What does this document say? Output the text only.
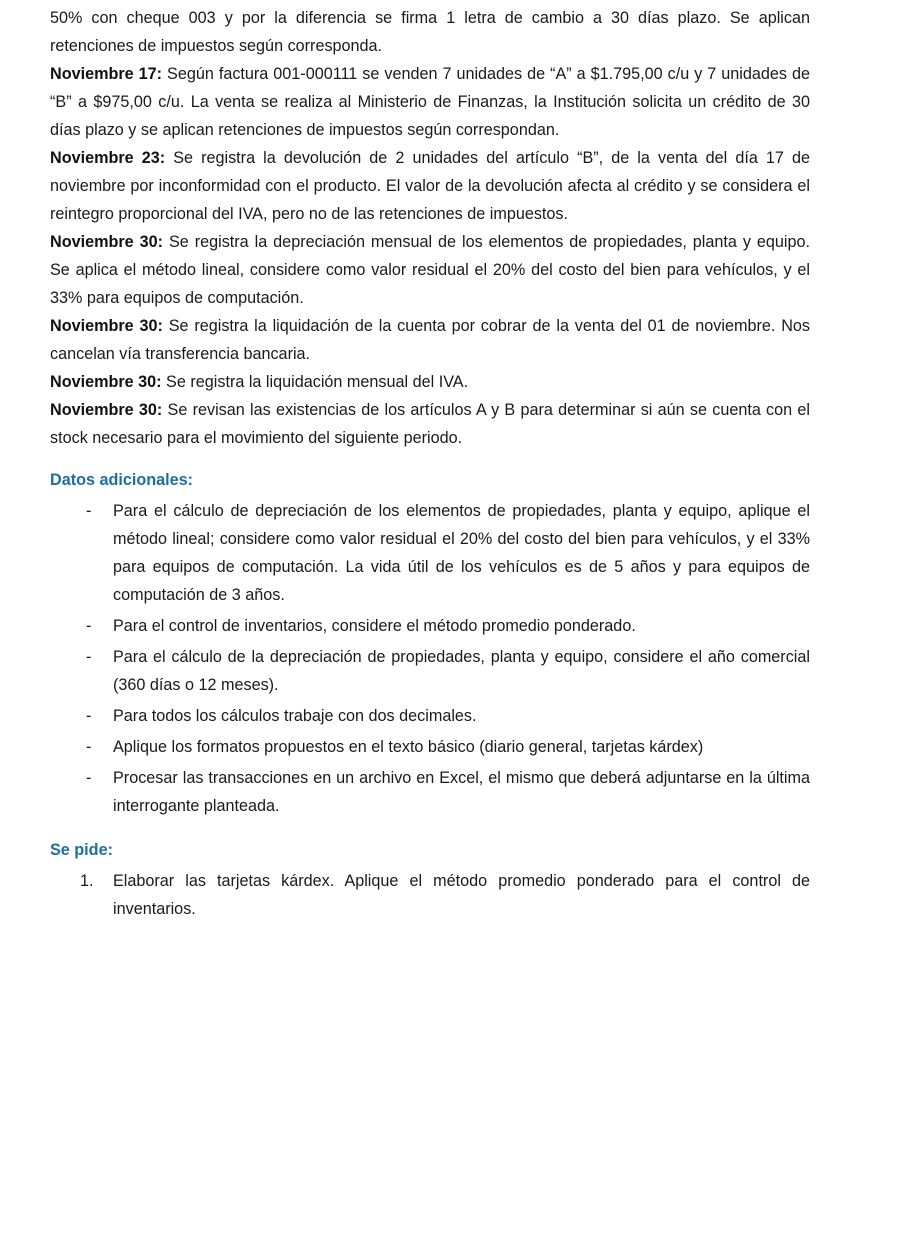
50% con cheque 003 y por la diferencia se firma 1 letra de cambio a 30 días plazo. Se aplican retenciones de impuestos según corresponda.

Noviembre 17: Según factura 001-000111 se venden 7 unidades de “A” a $1.795,00 c/u y 7 unidades de “B” a $975,00 c/u. La venta se realiza al Ministerio de Finanzas, la Institución solicita un crédito de 30 días plazo y se aplican retenciones de impuestos según correspondan.

Noviembre 23: Se registra la devolución de 2 unidades del artículo “B”, de la venta del día 17 de noviembre por inconformidad con el producto. El valor de la devolución afecta al crédito y se considera el reintegro proporcional del IVA, pero no de las retenciones de impuestos.

Noviembre 30: Se registra la depreciación mensual de los elementos de propiedades, planta y equipo. Se aplica el método lineal, considere como valor residual el 20% del costo del bien para vehículos, y el 33% para equipos de computación.

Noviembre 30: Se registra la liquidación de la cuenta por cobrar de la venta del 01 de noviembre. Nos cancelan vía transferencia bancaria.

Noviembre 30: Se registra la liquidación mensual del IVA.

Noviembre 30: Se revisan las existencias de los artículos A y B para determinar si aún se cuenta con el stock necesario para el movimiento del siguiente periodo.

Datos adicionales:
- Para el cálculo de depreciación de los elementos de propiedades, planta y equipo, aplique el método lineal; considere como valor residual el 20% del costo del bien para vehículos, y el 33% para equipos de computación. La vida útil de los vehículos es de 5 años y para equipos de computación de 3 años.
- Para el control de inventarios, considere el método promedio ponderado.
- Para el cálculo de la depreciación de propiedades, planta y equipo, considere el año comercial (360 días o 12 meses).
- Para todos los cálculos trabaje con dos decimales.
- Aplique los formatos propuestos en el texto básico (diario general, tarjetas kárdex)
- Procesar las transacciones en un archivo en Excel, el mismo que deberá adjuntarse en la última interrogante planteada.
Se pide:
1. Elaborar las tarjetas kárdex. Aplique el método promedio ponderado para el control de inventarios.
